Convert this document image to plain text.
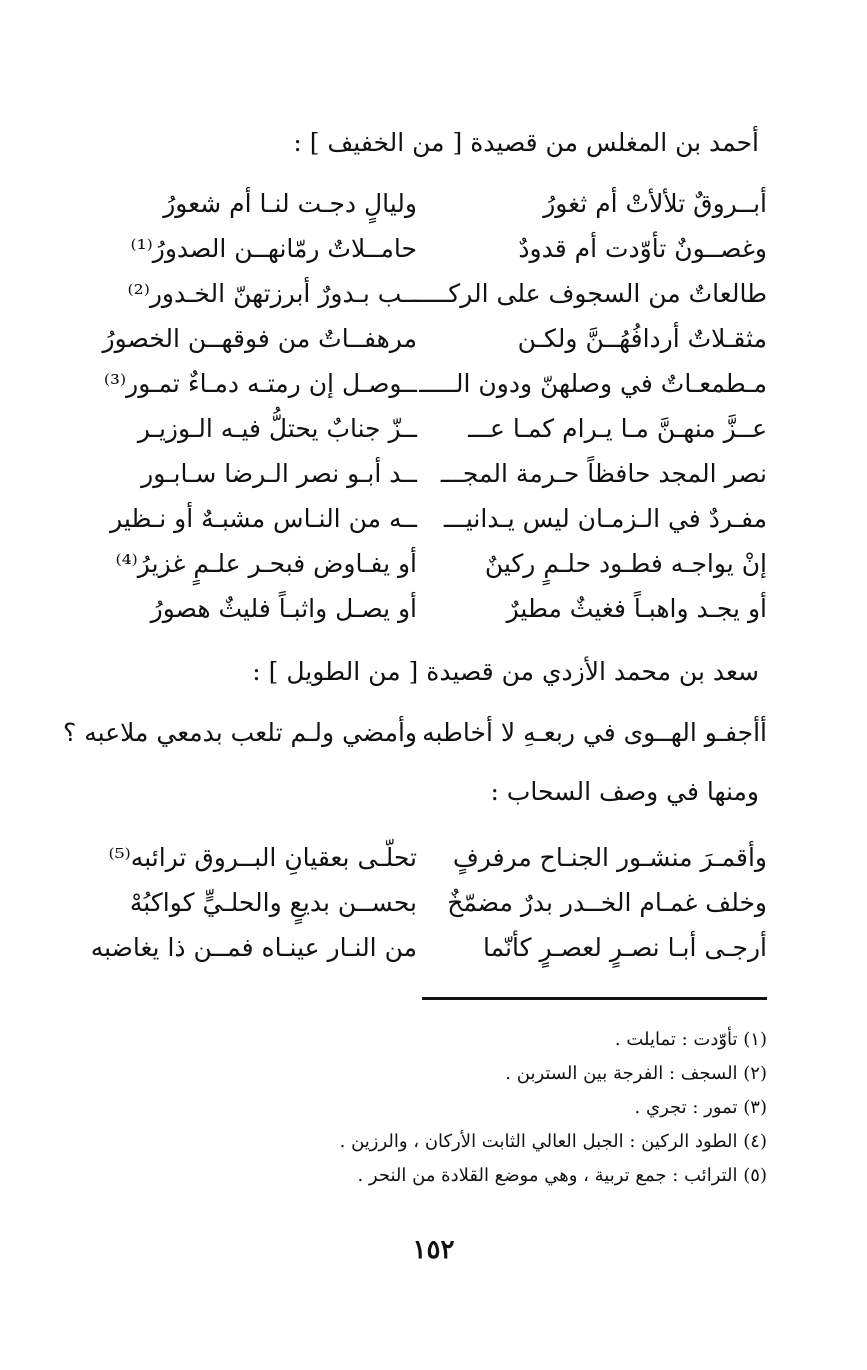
أحمد بن المغلس من قصيدة [ من الخفيف ] :
أبــروقٌ تلألأتْ أم ثغورُ
وليالٍ دجـت لنـا أم شعورُ
وغصــونٌ تأوّدت أم قدودٌ
حامــلاتٌ رمّانهــن الصدورُ⁽¹⁾
طالعاتٌ من السجوف على الركـــــ
ــب بـدورٌ أبرزتهنّ الخـدور⁽²⁾
مثقـلاتٌ أردافُهُــنَّ ولكـن
مرهفــاتٌ من فوقهــن الخصورُ
مـطمعـاتٌ في وصلهنّ ودون الـــــ
ــوصـل إن رمتـه دمـاءٌ تمـور⁽³⁾
عــزَّ منهـنَّ مـا يـرام كمـا عـــ
ــزّ جنابٌ يحتلُّ فيـه الـوزيـر
نصر المجد حافظاً حـرمة المجـــ
ــد أبـو نصر الـرضا سـابـور
مفـردٌ في الـزمـان ليس يـدانيـــ
ــه من النـاس مشبـهٌ أو نـظير
إنْ يواجـه فطـود حلـمٍ ركينٌ
أو يفـاوض فبحـر علـمٍ غزيرُ⁽⁴⁾
أو يجـد واهبـاً فغيثٌ مطيرٌ
أو يصـل واثبـاً فليثٌ هصورُ
سعد بن محمد الأزدي من قصيدة [ من الطويل ] :
أأجفـو الهــوى في ربعـهِ لا أخاطبه
وأمضي ولـم تلعب بدمعي ملاعبه ؟
ومنها في وصف السحاب :
وأقمـرَ منشـور الجنـاح مرفرفٍ
تحلّـى بعقيانِ البــروق ترائبه⁽⁵⁾
وخلف غمـام الخــدر بدرٌ مضمّخٌ
بحســن بديعٍ والحلـيٍّ كواكبُهْ
أرجـى أبـا نصـرٍ لعصـرٍ كأنّما
من النـار عينـاه فمــن ذا يغاضبه
(١) تأوّدت : تمايلت .
(٢) السجف : الفرجة بين الستربن .
(٣) تمور : تجري .
(٤) الطود الركين : الجبل العالي الثابت الأركان ، والرزين .
(٥) الترائب : جمع تربية ، وهي موضع القلادة من النحر .
١٥٢
